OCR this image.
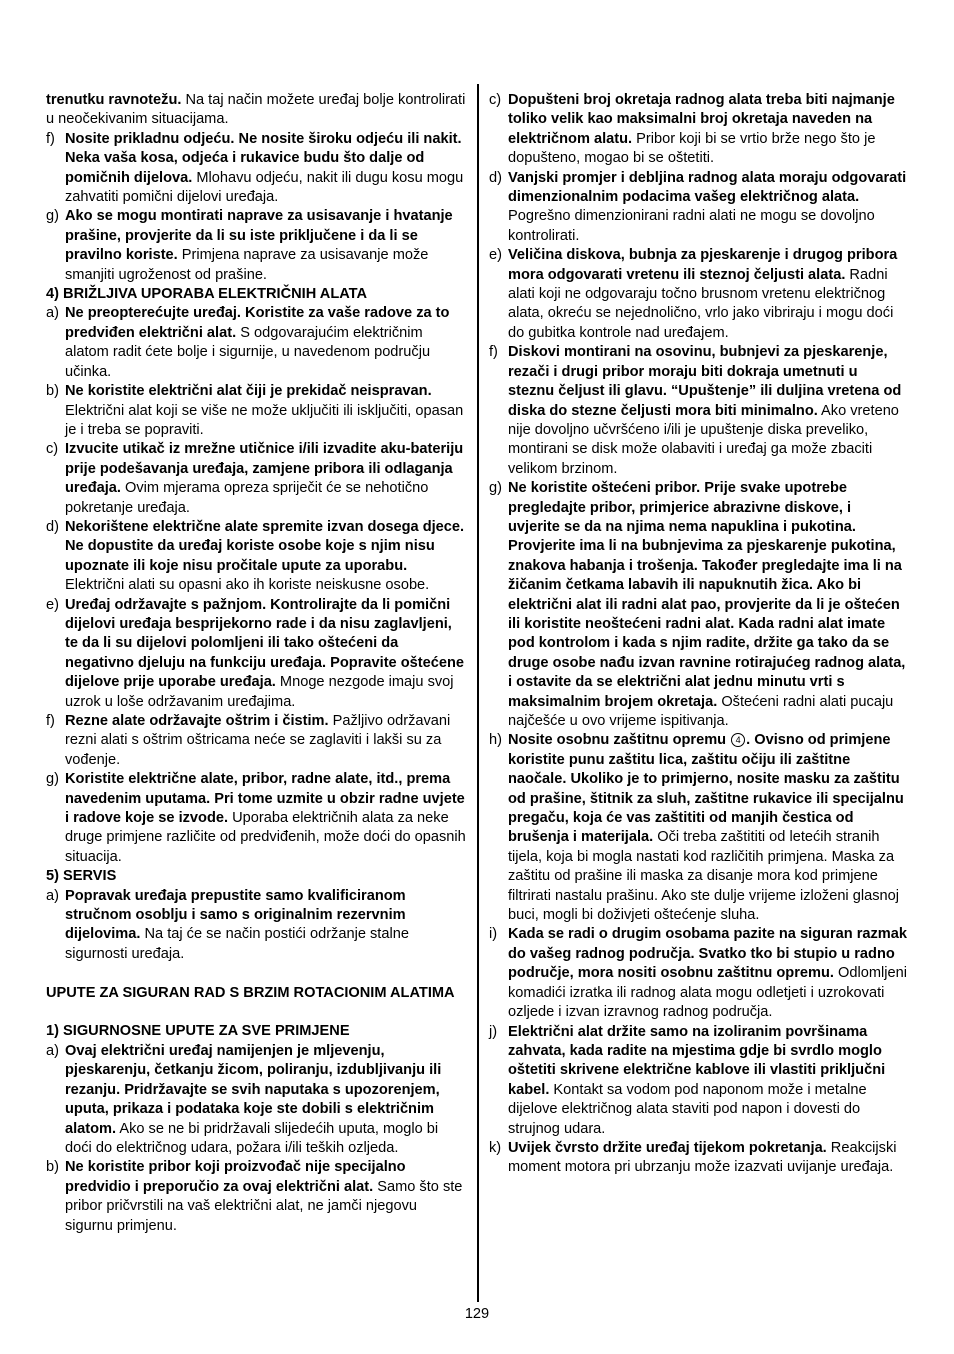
trenutku ravnotežu. Na taj način možete uređaj bolje kontrolirati u neočekivanim situacijama.
f) Nosite prikladnu odjeću. Ne nosite široku odjeću ili nakit. Neka vaša kosa, odjeća i rukavice budu što dalje od pomičnih dijelova. Mlohavu odjeću, nakit ili dugu kosu mogu zahvatiti pomični dijelovi uređaja.
g) Ako se mogu montirati naprave za usisavanje i hvatanje prašine, provjerite da li su iste priključene i da li se pravilno koriste. Primjena naprave za usisavanje može smanjiti ugroženost od prašine.
4) BRIŽLJIVA UPORABA ELEKTRIČNIH ALATA
a) Ne preopterećujte uređaj. Koristite za vaše radove za to predviđen električni alat. S odgovarajućim električnim alatom radit ćete bolje i sigurnije, u navedenom području učinka.
b) Ne koristite električni alat čiji je prekidač neispravan. Električni alat koji se više ne može uključiti ili isključiti, opasan je i treba se popraviti.
c) Izvucite utikač iz mrežne utičnice i/ili izvadite aku-bateriju prije podešavanja uređaja, zamjene pribora ili odlaganja uređaja. Ovim mjerama opreza spriječit će se nehotično pokretanje uređaja.
d) Nekorištene električne alate spremite izvan dosega djece. Ne dopustite da uređaj koriste osobe koje s njim nisu upoznate ili koje nisu pročitale upute za uporabu. Električni alati su opasni ako ih koriste neiskusne osobe.
e) Uređaj održavajte s pažnjom. Kontrolirajte da li pomični dijelovi uređaja besprijekorno rade i da nisu zaglavljeni, te da li su dijelovi polomljeni ili tako oštećeni da negativno djeluju na funkciju uređaja. Popravite oštećene dijelove prije uporabe uređaja. Mnoge nezgode imaju svoj uzrok u loše održavanim uređajima.
f) Rezne alate održavajte oštrim i čistim. Pažljivo održavani rezni alati s oštrim oštricama neće se zaglaviti i lakši su za vođenje.
g) Koristite električne alate, pribor, radne alate, itd., prema navedenim uputama. Pri tome uzmite u obzir radne uvjete i radove koje se izvode. Uporaba električnih alata za neke druge primjene različite od predviđenih, može doći do opasnih situacija.
5) SERVIS
a) Popravak uređaja prepustite samo kvalificiranom stručnom osoblju i samo s originalnim rezervnim dijelovima. Na taj će se način postići održanje stalne sigurnosti uređaja.
UPUTE ZA SIGURAN RAD S BRZIM ROTACIONIM ALATIMA
1) SIGURNOSNE UPUTE ZA SVE PRIMJENE
a) Ovaj električni uređaj namijenjen je mljevenju, pjeskarenju, četkanju žicom, poliranju, izdubljivanju ili rezanju. Pridržavajte se svih naputaka s upozorenjem, uputa, prikaza i podataka koje ste dobili s električnim alatom. Ako se ne bi pridržavali slijedećih uputa, moglo bi doći do električnog udara, požara i/ili teških ozljeda.
b) Ne koristite pribor koji proizvođač nije specijalno predvidio i preporučio za ovaj električni alat. Samo što ste pribor pričvrstili na vaš električni alat, ne jamči njegovu sigurnu primjenu.
c) Dopušteni broj okretaja radnog alata treba biti najmanje toliko velik kao maksimalni broj okretaja naveden na električnom alatu. Pribor koji bi se vrtio brže nego što je dopušteno, mogao bi se oštetiti.
d) Vanjski promjer i debljina radnog alata moraju odgovarati dimenzionalnim podacima vašeg električnog alata. Pogrešno dimenzionirani radni alati ne mogu se dovoljno kontrolirati.
e) Veličina diskova, bubnja za pjeskarenje i drugog pribora mora odgovarati vretenu ili steznoj čeljusti alata. Radni alati koji ne odgovaraju točno brusnom vretenu električnog alata, okreću se nejednolično, vrlo jako vibriraju i mogu doći do gubitka kontrole nad uređajem.
f) Diskovi montirani na osovinu, bubnjevi za pjeskarenje, rezači i drugi pribor moraju biti dokraja umetnuti u steznu čeljust ili glavu. “Upuštenje” ili duljina vretena od diska do stezne čeljusti mora biti minimalno. Ako vreteno nije dovoljno učvršćeno i/ili je upuštenje diska preveliko, montirani se disk može olabaviti i uređaj ga može zbaciti velikom brzinom.
g) Ne koristite oštećeni pribor. Prije svake upotrebe pregledajte pribor, primjerice abrazivne diskove, i uvjerite se da na njima nema napuklina i pukotina. Provjerite ima li na bubnjevima za pjeskarenje pukotina, znakova habanja i trošenja. Također pregledajte ima li na žičanim četkama labavih ili napuknutih žica. Ako bi električni alat ili radni alat pao, provjerite da li je oštećen ili koristite neoštećeni radni alat. Kada radni alat imate pod kontrolom i kada s njim radite, držite ga tako da se druge osobe nađu izvan ravnine rotirajućeg radnog alata, i ostavite da se električni alat jednu minutu vrti s maksimalnim brojem okretaja. Oštećeni radni alati pucaju najčešće u ovo vrijeme ispitivanja.
h) Nosite osobnu zaštitnu opremu 4 . Ovisno od primjene koristite punu zaštitu lica, zaštitu očiju ili zaštitne naočale. Ukoliko je to primjerno, nosite masku za zaštitu od prašine, štitnik za sluh, zaštitne rukavice ili specijalnu pregaču, koja će vas zaštititi od manjih čestica od brušenja i materijala. Oči treba zaštititi od letećih stranih tijela, koja bi mogla nastati kod različitih primjena. Maska za zaštitu od prašine ili maska za disanje mora kod primjene filtrirati nastalu prašinu. Ako ste dulje vrijeme izloženi glasnoj buci, mogli bi doživjeti oštećenje sluha.
i) Kada se radi o drugim osobama pazite na siguran razmak do vašeg radnog područja. Svatko tko bi stupio u radno područje, mora nositi osobnu zaštitnu opremu. Odlomljeni komadići izratka ili radnog alata mogu odletjeti i uzrokovati ozljede i izvan izravnog radnog područja.
j) Električni alat držite samo na izoliranim površinama zahvata, kada radite na mjestima gdje bi svrdlo moglo oštetiti skrivene električne kablove ili vlastiti priključni kabel. Kontakt sa vodom pod naponom može i metalne dijelove električnog alata staviti pod napon i dovesti do strujnog udara.
k) Uvijek čvrsto držite uređaj tijekom pokretanja. Reakcijski moment motora pri ubrzanju može izazvati uvijanje uređaja.
129
